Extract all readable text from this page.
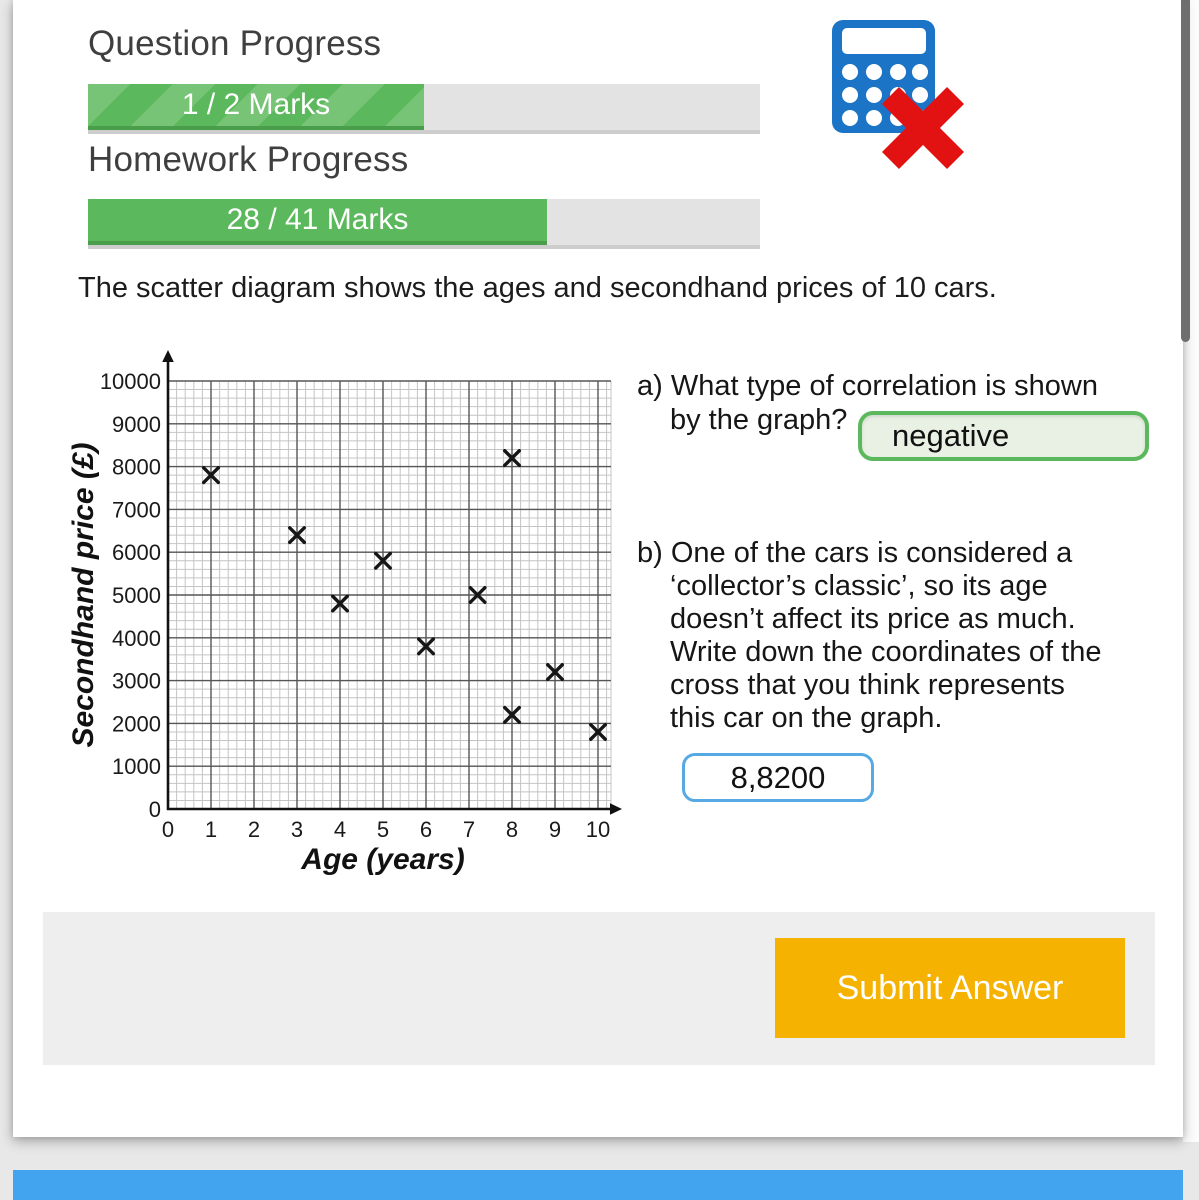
Question Progress
1 / 2 Marks
Homework Progress
28 / 41 Marks
The scatter diagram shows the ages and secondhand prices of 10 cars.
0
1000
2000
3000
4000
5000
6000
7000
8000
9000
10000
0 1 2 3 4 5 6 7 8 9 10
Age (years)
Secondhand price (£)
a) What type of correlation is shown
by the graph?
negative
b) One of the cars is considered a
‘collector’s classic’, so its age
doesn’t affect its price as much.
Write down the coordinates of the
cross that you think represents
this car on the graph.
8,8200
Submit Answer
